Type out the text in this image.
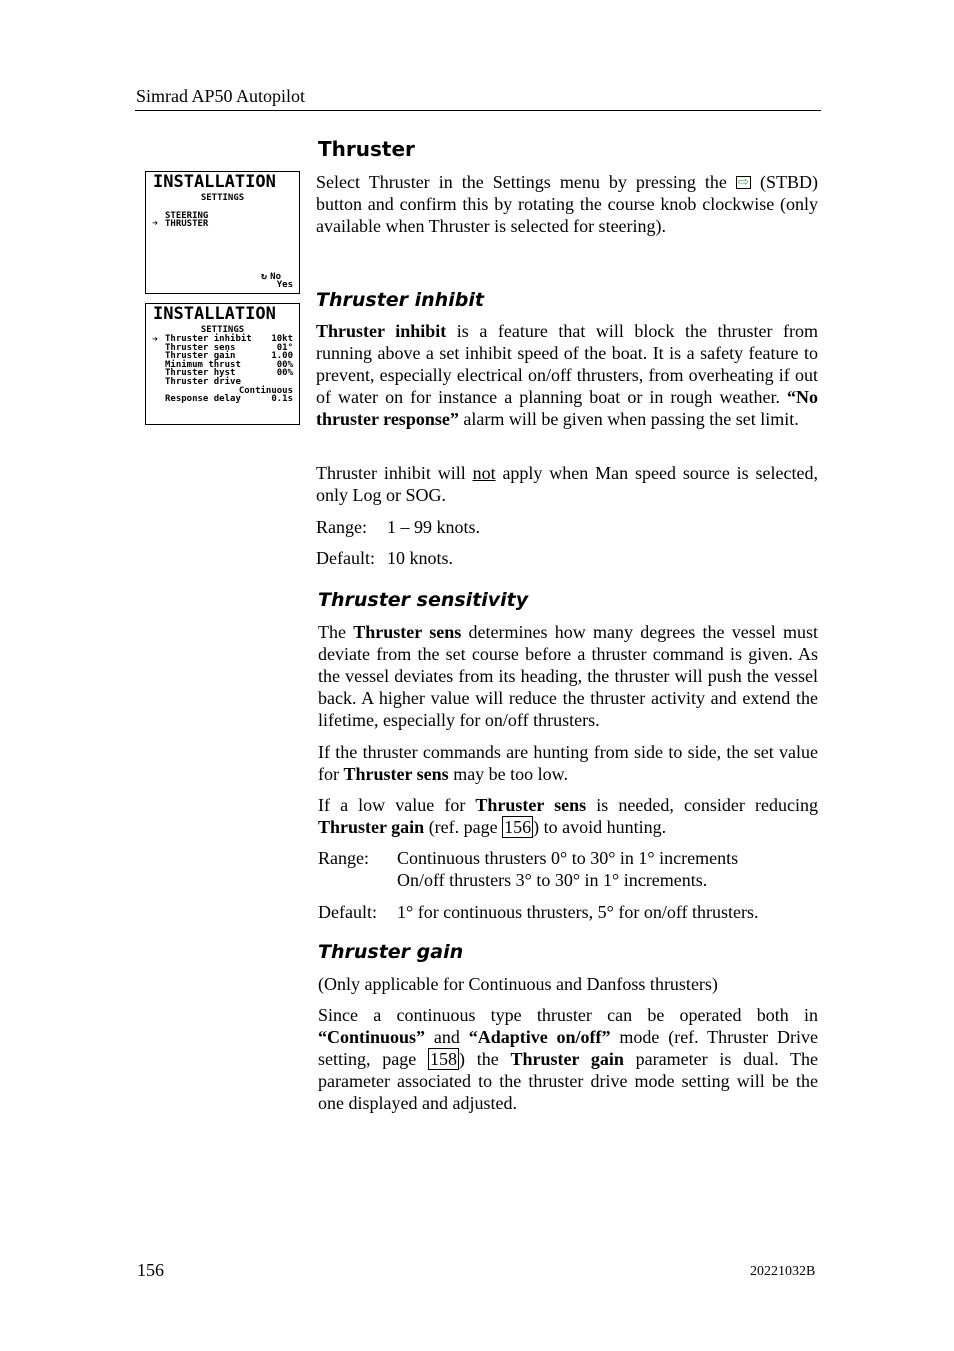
Simrad AP50 Autopilot
INSTALLATION
SETTINGS
STEERING
➔ THRUSTER
↻ No
Yes
INSTALLATION
SETTINGS
➔ Thruster inhibit 10kt
Thruster sens	01°
Thruster gain	1.00
Minimum thrust	00%
Thruster hyst	00%
Thruster drive
Continuous
Response delay	0.1s
Thruster
Select Thruster in the Settings menu by pressing the ⇨ (STBD) button and confirm this by rotating the course knob clockwise (only available when Thruster is selected for steering).
Thruster inhibit
Thruster inhibit is a feature that will block the thruster from running above a set inhibit speed of the boat. It is a safety feature to prevent, especially electrical on/off thrusters, from overheating if out of water on for instance a planning boat or in rough weather. “No thruster response” alarm will be given when passing the set limit.
Thruster inhibit will not apply when Man speed source is selected, only Log or SOG.
Range: 1 – 99 knots.
Default: 10 knots.
Thruster sensitivity
The Thruster sens determines how many degrees the vessel must deviate from the set course before a thruster command is given. As the vessel deviates from its heading, the thruster will push the vessel back. A higher value will reduce the thruster activity and extend the lifetime, especially for on/off thrusters.
If the thruster commands are hunting from side to side, the set value for Thruster sens may be too low.
If a low value for Thruster sens is needed, consider reducing Thruster gain (ref. page 156 ) to avoid hunting.
Range: Continuous thrusters 0° to 30° in 1° increments
On/off thrusters 3° to 30° in 1° increments.
Default: 1° for continuous thrusters, 5° for on/off thrusters.
Thruster gain
(Only applicable for Continuous and Danfoss thrusters)
Since a continuous type thruster can be operated both in “Continuous” and “Adaptive on/off” mode (ref. Thruster Drive setting, page 158 ) the Thruster gain parameter is dual. The parameter associated to the thruster drive mode setting will be the one displayed and adjusted.
156	20221032B
